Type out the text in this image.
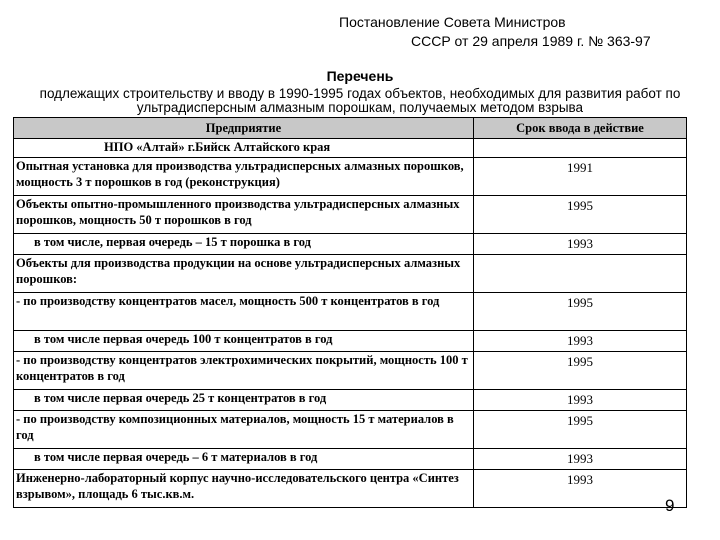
Постановление Совета Министров
СССР от 29 апреля 1989 г. № 363-97
Перечень
подлежащих строительству и вводу в 1990-1995 годах объектов, необходимых для развития работ по
ультрадисперсным алмазным порошкам, получаемых методом взрыва
Предприятие	Срок ввода в действие
НПО «Алтай» г.Бийск Алтайского края	
Опытная установка для производства ультрадисперсных алмазных порошков, мощность 3 т порошков в год (реконструкция)	1991
Объекты опытно-промышленного производства ультрадисперсных алмазных порошков, мощность 50 т порошков в год	1995
в том числе, первая очередь – 15 т порошка в год	1993
Объекты для производства продукции на основе ультрадисперсных алмазных порошков:	
- по производству концентратов масел, мощность 500 т концентратов в год	1995
в том числе первая очередь 100 т концентратов в год	1993
- по производству концентратов электрохимических покрытий, мощность 100 т концентратов в год	1995
в том числе первая очередь 25 т концентратов в год	1993
- по производству композиционных материалов, мощность 15 т материалов в год	1995
в том числе первая очередь – 6 т материалов в год	1993
Инженерно-лабораторный корпус научно-исследовательского центра «Синтез взрывом», площадь 6 тыс.кв.м.	1993
9
